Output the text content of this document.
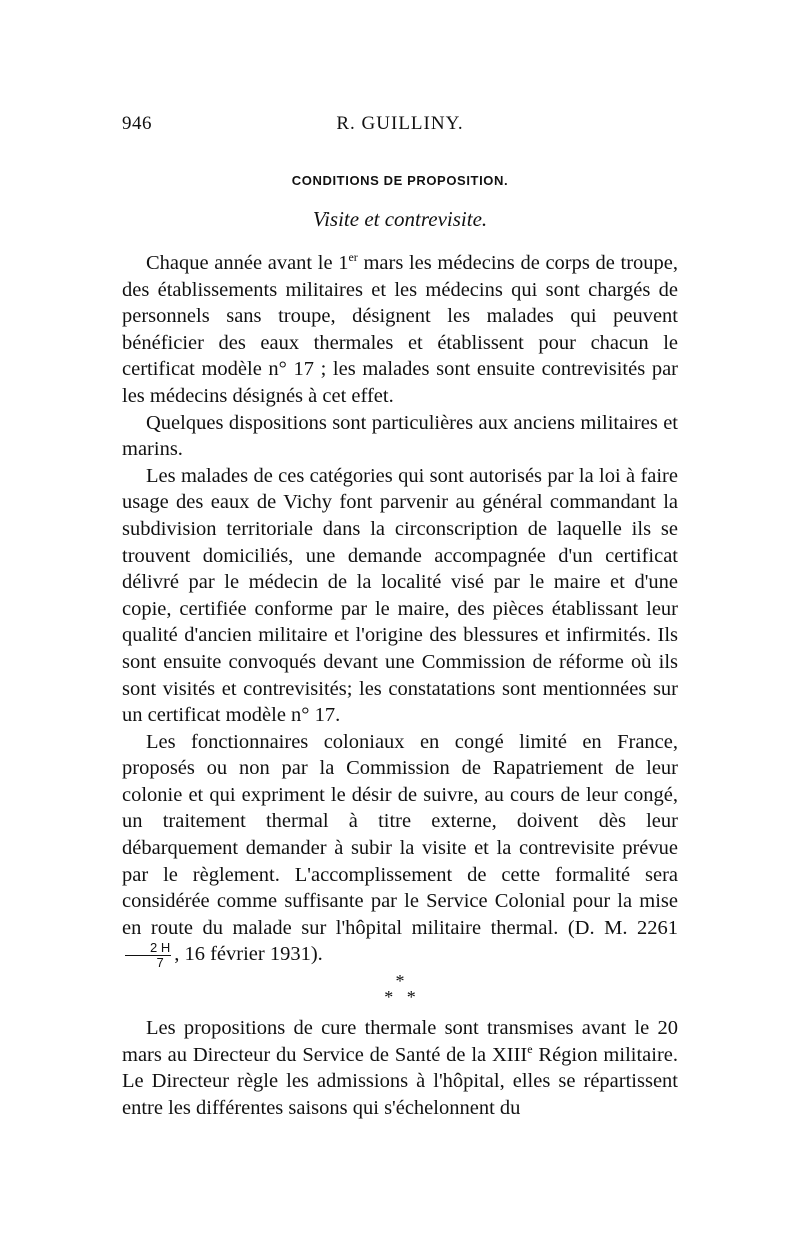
946	R. GUILLINY.
CONDITIONS DE PROPOSITION.
Visite et contrevisite.

Chaque année avant le 1er mars les médecins de corps de troupe, des établissements militaires et les médecins qui sont chargés de personnels sans troupe, désignent les malades qui peuvent bénéficier des eaux thermales et établissent pour chacun le certificat modèle n° 17 ; les malades sont ensuite contrevisités par les médecins désignés à cet effet.

Quelques dispositions sont particulières aux anciens militaires et marins.

Les malades de ces catégories qui sont autorisés par la loi à faire usage des eaux de Vichy font parvenir au général commandant la subdivision territoriale dans la circonscription de laquelle ils se trouvent domiciliés, une demande accompagnée d'un certificat délivré par le médecin de la localité visé par le maire et d'une copie, certifiée conforme par le maire, des pièces établissant leur qualité d'ancien militaire et l'origine des blessures et infirmités. Ils sont ensuite convoqués devant une Commission de réforme où ils sont visités et contrevisités; les constatations sont mentionnées sur un certificat modèle n° 17.

Les fonctionnaires coloniaux en congé limité en France, proposés ou non par la Commission de Rapatriement de leur colonie et qui expriment le désir de suivre, au cours de leur congé, un traitement thermal à titre externe, doivent dès leur débarquement demander à subir la visite et la contrevisite prévue par le règlement. L'accomplissement de cette formalité sera considérée comme suffisante par le Service Colonial pour la mise en route du malade sur l'hôpital militaire thermal. (D. M. 2261
$\frac{2 H}{7}$ , 16 février 1931).

*
*   *

Les propositions de cure thermale sont transmises avant le 20 mars au Directeur du Service de Santé de la XIIIe Région militaire. Le Directeur règle les admissions à l'hôpital, elles se répartissent entre les différentes saisons qui s'échelonnent du
